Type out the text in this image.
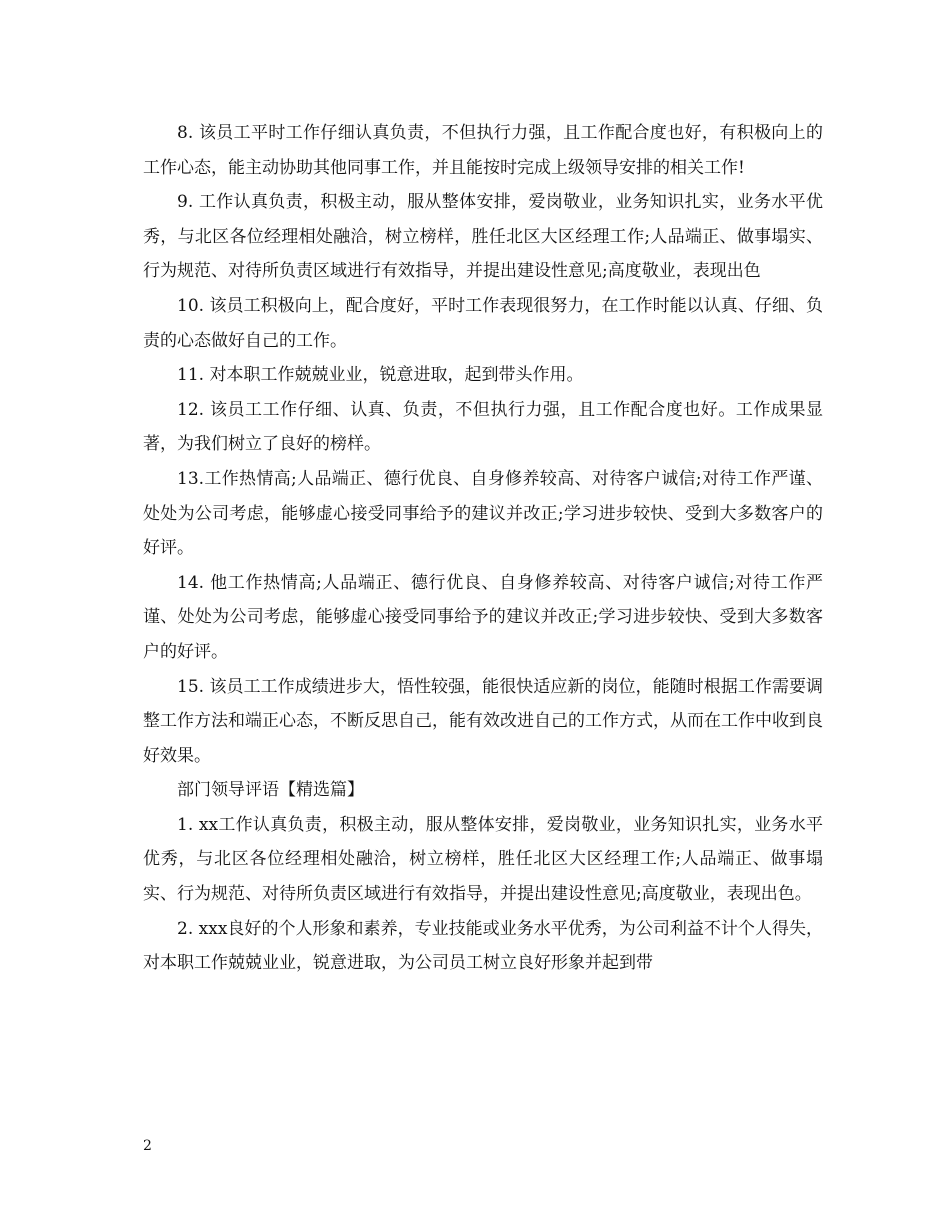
8. 该员工平时工作仔细认真负责，不但执行力强，且工作配合度也好，有积极向上的工作心态，能主动协助其他同事工作，并且能按时完成上级领导安排的相关工作!

9. 工作认真负责，积极主动，服从整体安排，爱岗敬业，业务知识扎实，业务水平优秀，与北区各位经理相处融洽，树立榜样，胜任北区大区经理工作;人品端正、做事塌实、行为规范、对待所负责区域进行有效指导，并提出建设性意见;高度敬业，表现出色

10. 该员工积极向上，配合度好，平时工作表现很努力，在工作时能以认真、仔细、负责的心态做好自己的工作。

11. 对本职工作兢兢业业，锐意进取，起到带头作用。

12. 该员工工作仔细、认真、负责，不但执行力强，且工作配合度也好。工作成果显著，为我们树立了良好的榜样。

13.工作热情高;人品端正、德行优良、自身修养较高、对待客户诚信;对待工作严谨、处处为公司考虑，能够虚心接受同事给予的建议并改正;学习进步较快、受到大多数客户的好评。

14. 他工作热情高;人品端正、德行优良、自身修养较高、对待客户诚信;对待工作严谨、处处为公司考虑，能够虚心接受同事给予的建议并改正;学习进步较快、受到大多数客户的好评。

15. 该员工工作成绩进步大，悟性较强，能很快适应新的岗位，能随时根据工作需要调整工作方法和端正心态，不断反思自己，能有效改进自己的工作方式，从而在工作中收到良好效果。

部门领导评语【精选篇】

1. xx工作认真负责，积极主动，服从整体安排，爱岗敬业，业务知识扎实，业务水平优秀，与北区各位经理相处融洽，树立榜样，胜任北区大区经理工作;人品端正、做事塌实、行为规范、对待所负责区域进行有效指导，并提出建设性意见;高度敬业，表现出色。

2. xxx良好的个人形象和素养，专业技能或业务水平优秀，为公司利益不计个人得失，对本职工作兢兢业业，锐意进取，为公司员工树立良好形象并起到带

2
